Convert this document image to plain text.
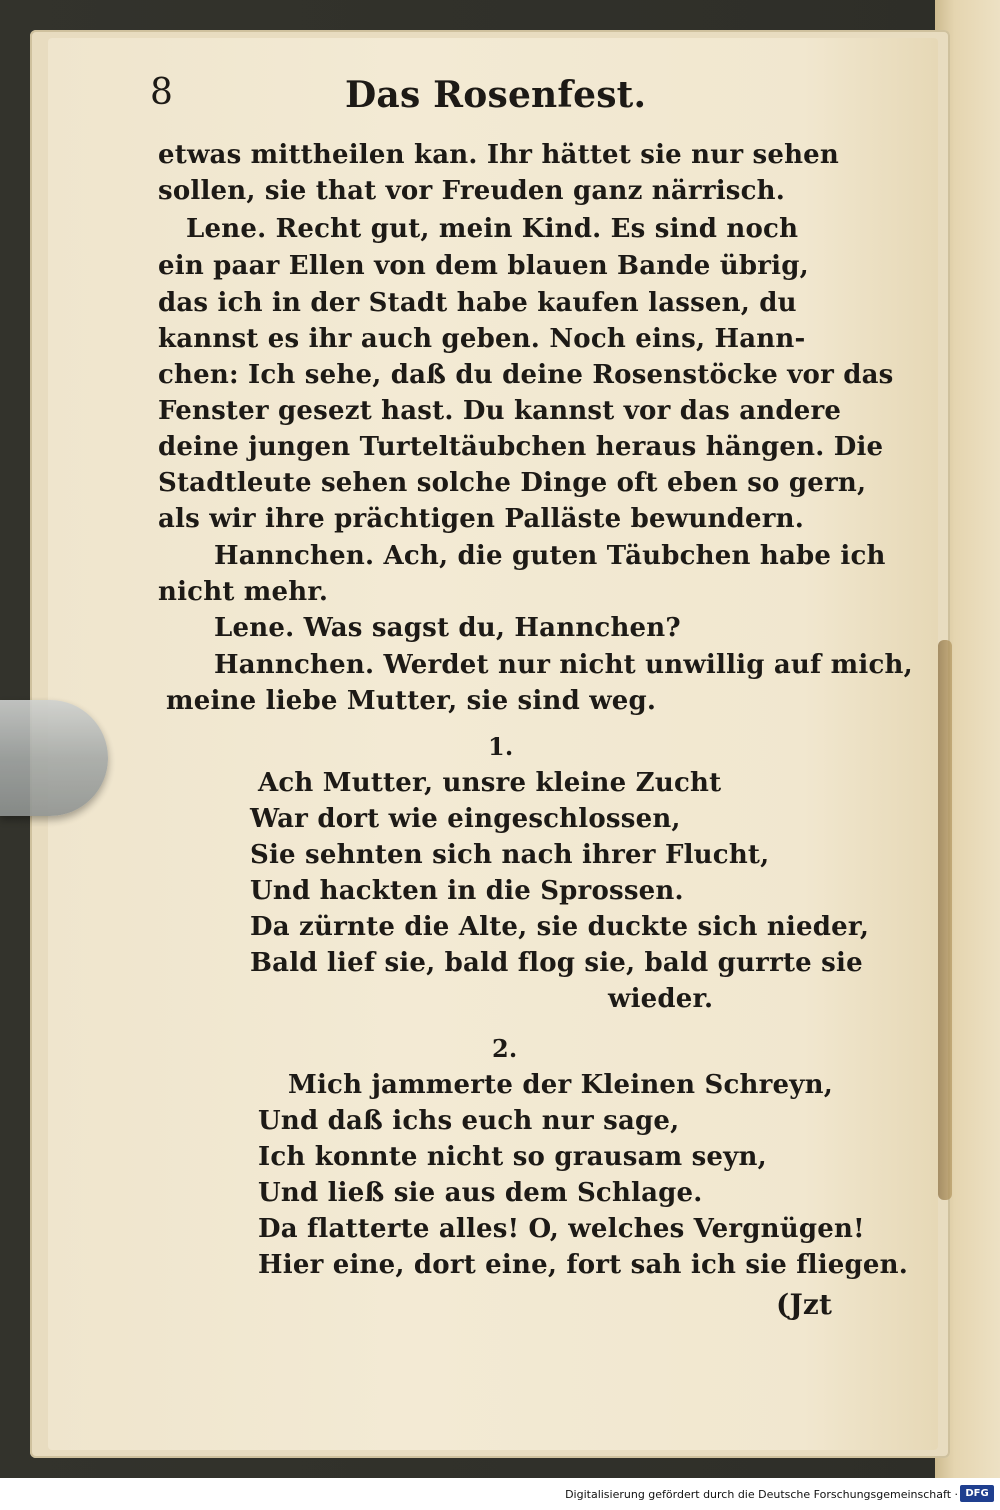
8	Das Rosenfest.
etwas mittheilen kan. Ihr hättet sie nur sehen
sollen, sie that vor Freuden ganz närrisch.
Lene. Recht gut, mein Kind. Es sind noch
ein paar Ellen von dem blauen Bande übrig,
das ich in der Stadt habe kaufen lassen, du
kannst es ihr auch geben. Noch eins, Hann-
chen: Ich sehe, daß du deine Rosenstöcke vor das
Fenster gesezt hast. Du kannst vor das andere
deine jungen Turteltäubchen heraus hängen. Die
Stadtleute sehen solche Dinge oft eben so gern,
als wir ihre prächtigen Palläste bewundern.
Hannchen. Ach, die guten Täubchen habe ich
nicht mehr.
Lene. Was sagst du, Hannchen?
Hannchen. Werdet nur nicht unwillig auf mich,
meine liebe Mutter, sie sind weg.
1.
Ach Mutter, unsre kleine Zucht
War dort wie eingeschlossen,
Sie sehnten sich nach ihrer Flucht,
Und hackten in die Sprossen.
Da zürnte die Alte, sie duckte sich nieder,
Bald lief sie, bald flog sie, bald gurrte sie
wieder.
2.
Mich jammerte der Kleinen Schreyn,
Und daß ichs euch nur sage,
Ich konnte nicht so grausam seyn,
Und ließ sie aus dem Schlage.
Da flatterte alles! O, welches Vergnügen!
Hier eine, dort eine, fort sah ich sie fliegen.
(Jzt
Digitalisierung gefördert durch die Deutsche Forschungsgemeinschaft · DFG
